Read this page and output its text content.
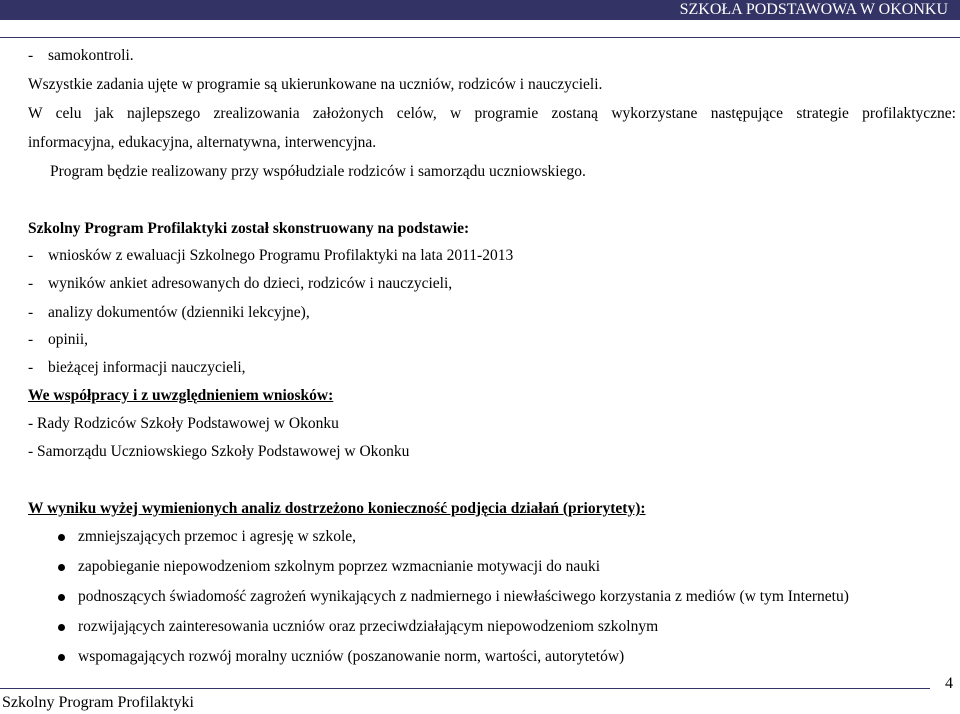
SZKOŁA PODSTAWOWA W OKONKU
- samokontroli.
Wszystkie zadania ujęte w programie są ukierunkowane na uczniów, rodziców i nauczycieli.
W celu jak najlepszego zrealizowania założonych celów, w programie zostaną wykorzystane następujące strategie profilaktyczne:
informacyjna, edukacyjna, alternatywna, interwencyjna.
Program będzie realizowany przy współudziale rodziców i samorządu uczniowskiego.
Szkolny Program Profilaktyki został skonstruowany na podstawie:
- wniosków z ewaluacji Szkolnego Programu Profilaktyki na lata 2011-2013
- wyników ankiet adresowanych do dzieci, rodziców i nauczycieli,
- analizy dokumentów (dzienniki lekcyjne),
- opinii,
- bieżącej informacji nauczycieli,
We współpracy i z uwzględnieniem wniosków:
- Rady Rodziców Szkoły Podstawowej w Okonku
- Samorządu Uczniowskiego Szkoły Podstawowej w Okonku
W wyniku wyżej wymienionych analiz dostrzeżono konieczność podjęcia działań (priorytety):
zmniejszających przemoc i agresję w szkole,
zapobieganie niepowodzeniom szkolnym poprzez wzmacnianie motywacji do nauki
podnoszących świadomość zagrożeń wynikających z nadmiernego i niewłaściwego korzystania z mediów (w tym Internetu)
rozwijających zainteresowania uczniów oraz przeciwdziałającym niepowodzeniom szkolnym
wspomagających rozwój moralny uczniów (poszanowanie norm, wartości, autorytetów)
Szkolny Program Profilaktyki
4
